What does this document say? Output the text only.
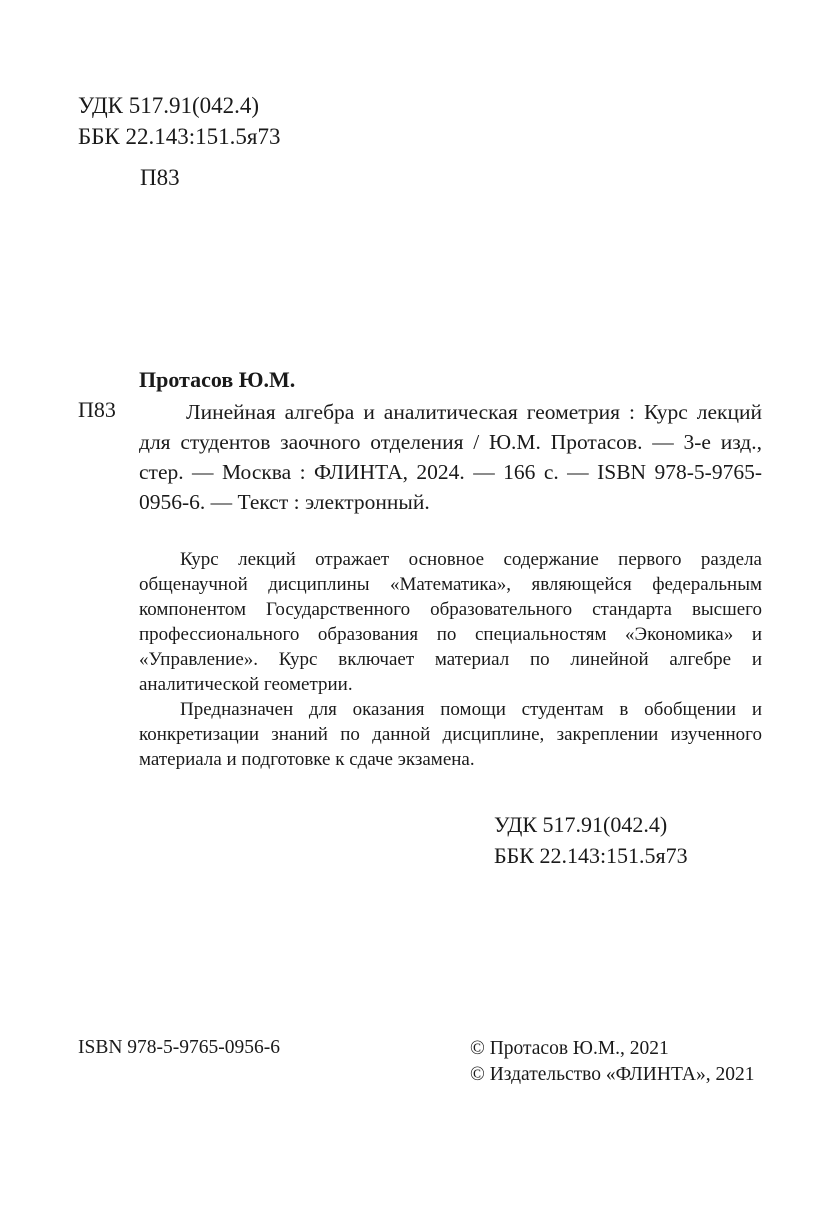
УДК 517.91(042.4)
ББК 22.143:151.5я73
П83
Протасов Ю.М.
П83	Линейная алгебра и аналитическая геометрия : Курс лекций для студентов заочного отделения / Ю.М. Протасов. — 3-е изд., стер. — Москва : ФЛИНТА, 2024. — 166 с. — ISBN 978-5-9765-0956-6. — Текст : электронный.

Курс лекций отражает основное содержание первого раздела общенаучной дисциплины «Математика», являющейся федеральным компонентом Государственного образовательного стандарта высшего профессионального образования по специальностям «Экономика» и «Управление». Курс включает материал по линейной алгебре и аналитической геометрии.

Предназначен для оказания помощи студентам в обобщении и конкретизации знаний по данной дисциплине, закреплении изученного материала и подготовке к сдаче экзамена.

УДК 517.91(042.4)
ББК 22.143:151.5я73
ISBN 978-5-9765-0956-6	© Протасов Ю.М., 2021
© Издательство «ФЛИНТА», 2021
